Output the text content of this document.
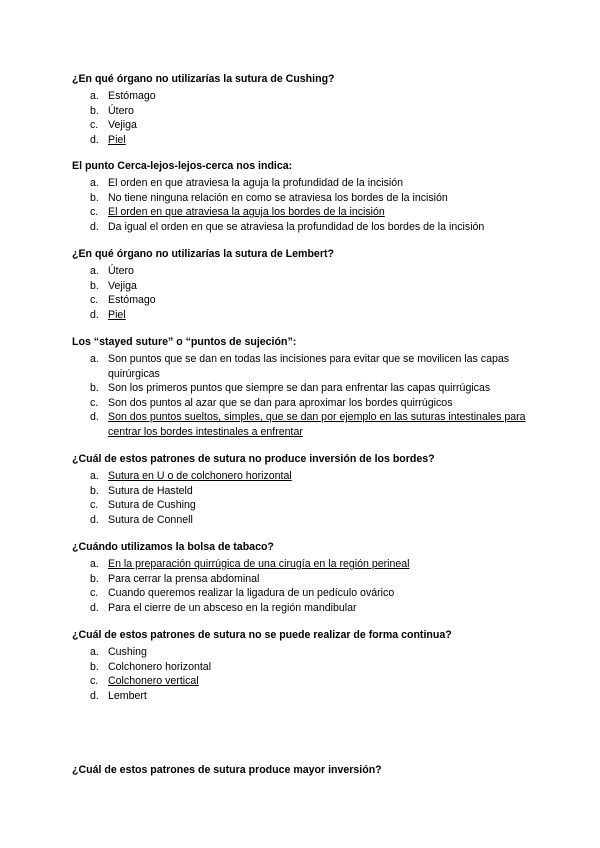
¿En qué órgano no utilizarías la sutura de Cushing?
a. Estómago
b. Útero
c. Vejiga
d. Piel
El punto Cerca-lejos-lejos-cerca nos indica:
a. El orden en que atraviesa la aguja la profundidad de la incisión
b. No tiene ninguna relación en como se atraviesa los bordes de la incisión
c. El orden en que atraviesa la aguja los bordes de la incisión
d. Da igual el orden en que se atraviesa la profundidad de los bordes de la incisión
¿En qué órgano no utilizarías la sutura de Lembert?
a. Útero
b. Vejiga
c. Estómago
d. Piel
Los “stayed suture” o “puntos de sujeción”:
a. Son puntos que se dan en todas las incisiones para evitar que se movilicen las capas quirúrgicas
b. Son los primeros puntos que siempre se dan para enfrentar las capas quirrúgicas
c. Son dos puntos al azar que se dan para aproximar los bordes quirrúgicos
d. Son dos puntos sueltos, simples, que se dan por ejemplo en las suturas intestinales para centrar los bordes intestinales a enfrentar
¿Cuál de estos patrones de sutura no produce inversión de los bordes?
a. Sutura en U o de colchonero horizontal
b. Sutura de Hasteld
c. Sutura de Cushing
d. Sutura de Connell
¿Cuándo utilizamos la bolsa de tabaco?
a. En la preparación quirrúgica de una cirugía en la región perineal
b. Para cerrar la prensa abdominal
c. Cuando queremos realizar la ligadura de un pedículo ovárico
d. Para el cierre de un absceso en la región mandibular
¿Cuál de estos patrones de sutura no se puede realizar de forma continua?
a. Cushing
b. Colchonero horizontal
c. Colchonero vertical
d. Lembert
¿Cuál de estos patrones de sutura produce mayor inversión?
